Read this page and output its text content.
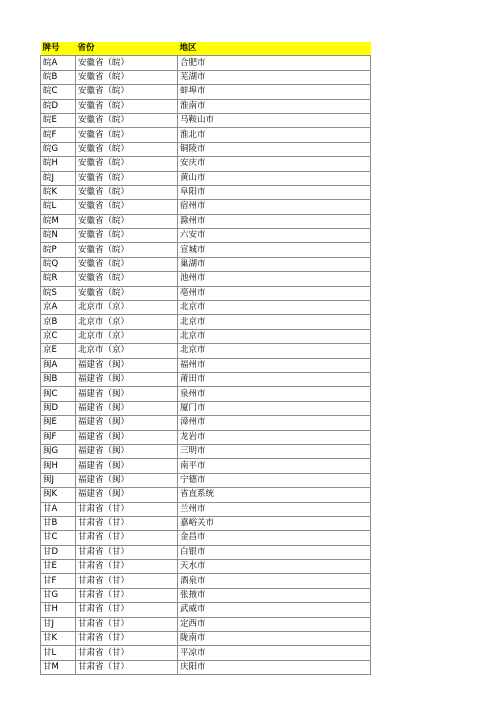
牌号	省份	地区
皖A	安徽省（皖）	合肥市
皖B	安徽省（皖）	芜湖市
皖C	安徽省（皖）	蚌埠市
皖D	安徽省（皖）	淮南市
皖E	安徽省（皖）	马鞍山市
皖F	安徽省（皖）	淮北市
皖G	安徽省（皖）	铜陵市
皖H	安徽省（皖）	安庆市
皖J	安徽省（皖）	黄山市
皖K	安徽省（皖）	阜阳市
皖L	安徽省（皖）	宿州市
皖M	安徽省（皖）	滁州市
皖N	安徽省（皖）	六安市
皖P	安徽省（皖）	宣城市
皖Q	安徽省（皖）	巢湖市
皖R	安徽省（皖）	池州市
皖S	安徽省（皖）	亳州市
京A	北京市（京）	北京市
京B	北京市（京）	北京市
京C	北京市（京）	北京市
京E	北京市（京）	北京市
闽A	福建省（闽）	福州市
闽B	福建省（闽）	莆田市
闽C	福建省（闽）	泉州市
闽D	福建省（闽）	厦门市
闽E	福建省（闽）	漳州市
闽F	福建省（闽）	龙岩市
闽G	福建省（闽）	三明市
闽H	福建省（闽）	南平市
闽J	福建省（闽）	宁德市
闽K	福建省（闽）	省直系统
甘A	甘肃省（甘）	兰州市
甘B	甘肃省（甘）	嘉峪关市
甘C	甘肃省（甘）	金昌市
甘D	甘肃省（甘）	白银市
甘E	甘肃省（甘）	天水市
甘F	甘肃省（甘）	酒泉市
甘G	甘肃省（甘）	张掖市
甘H	甘肃省（甘）	武威市
甘J	甘肃省（甘）	定西市
甘K	甘肃省（甘）	陇南市
甘L	甘肃省（甘）	平凉市
甘M	甘肃省（甘）	庆阳市
